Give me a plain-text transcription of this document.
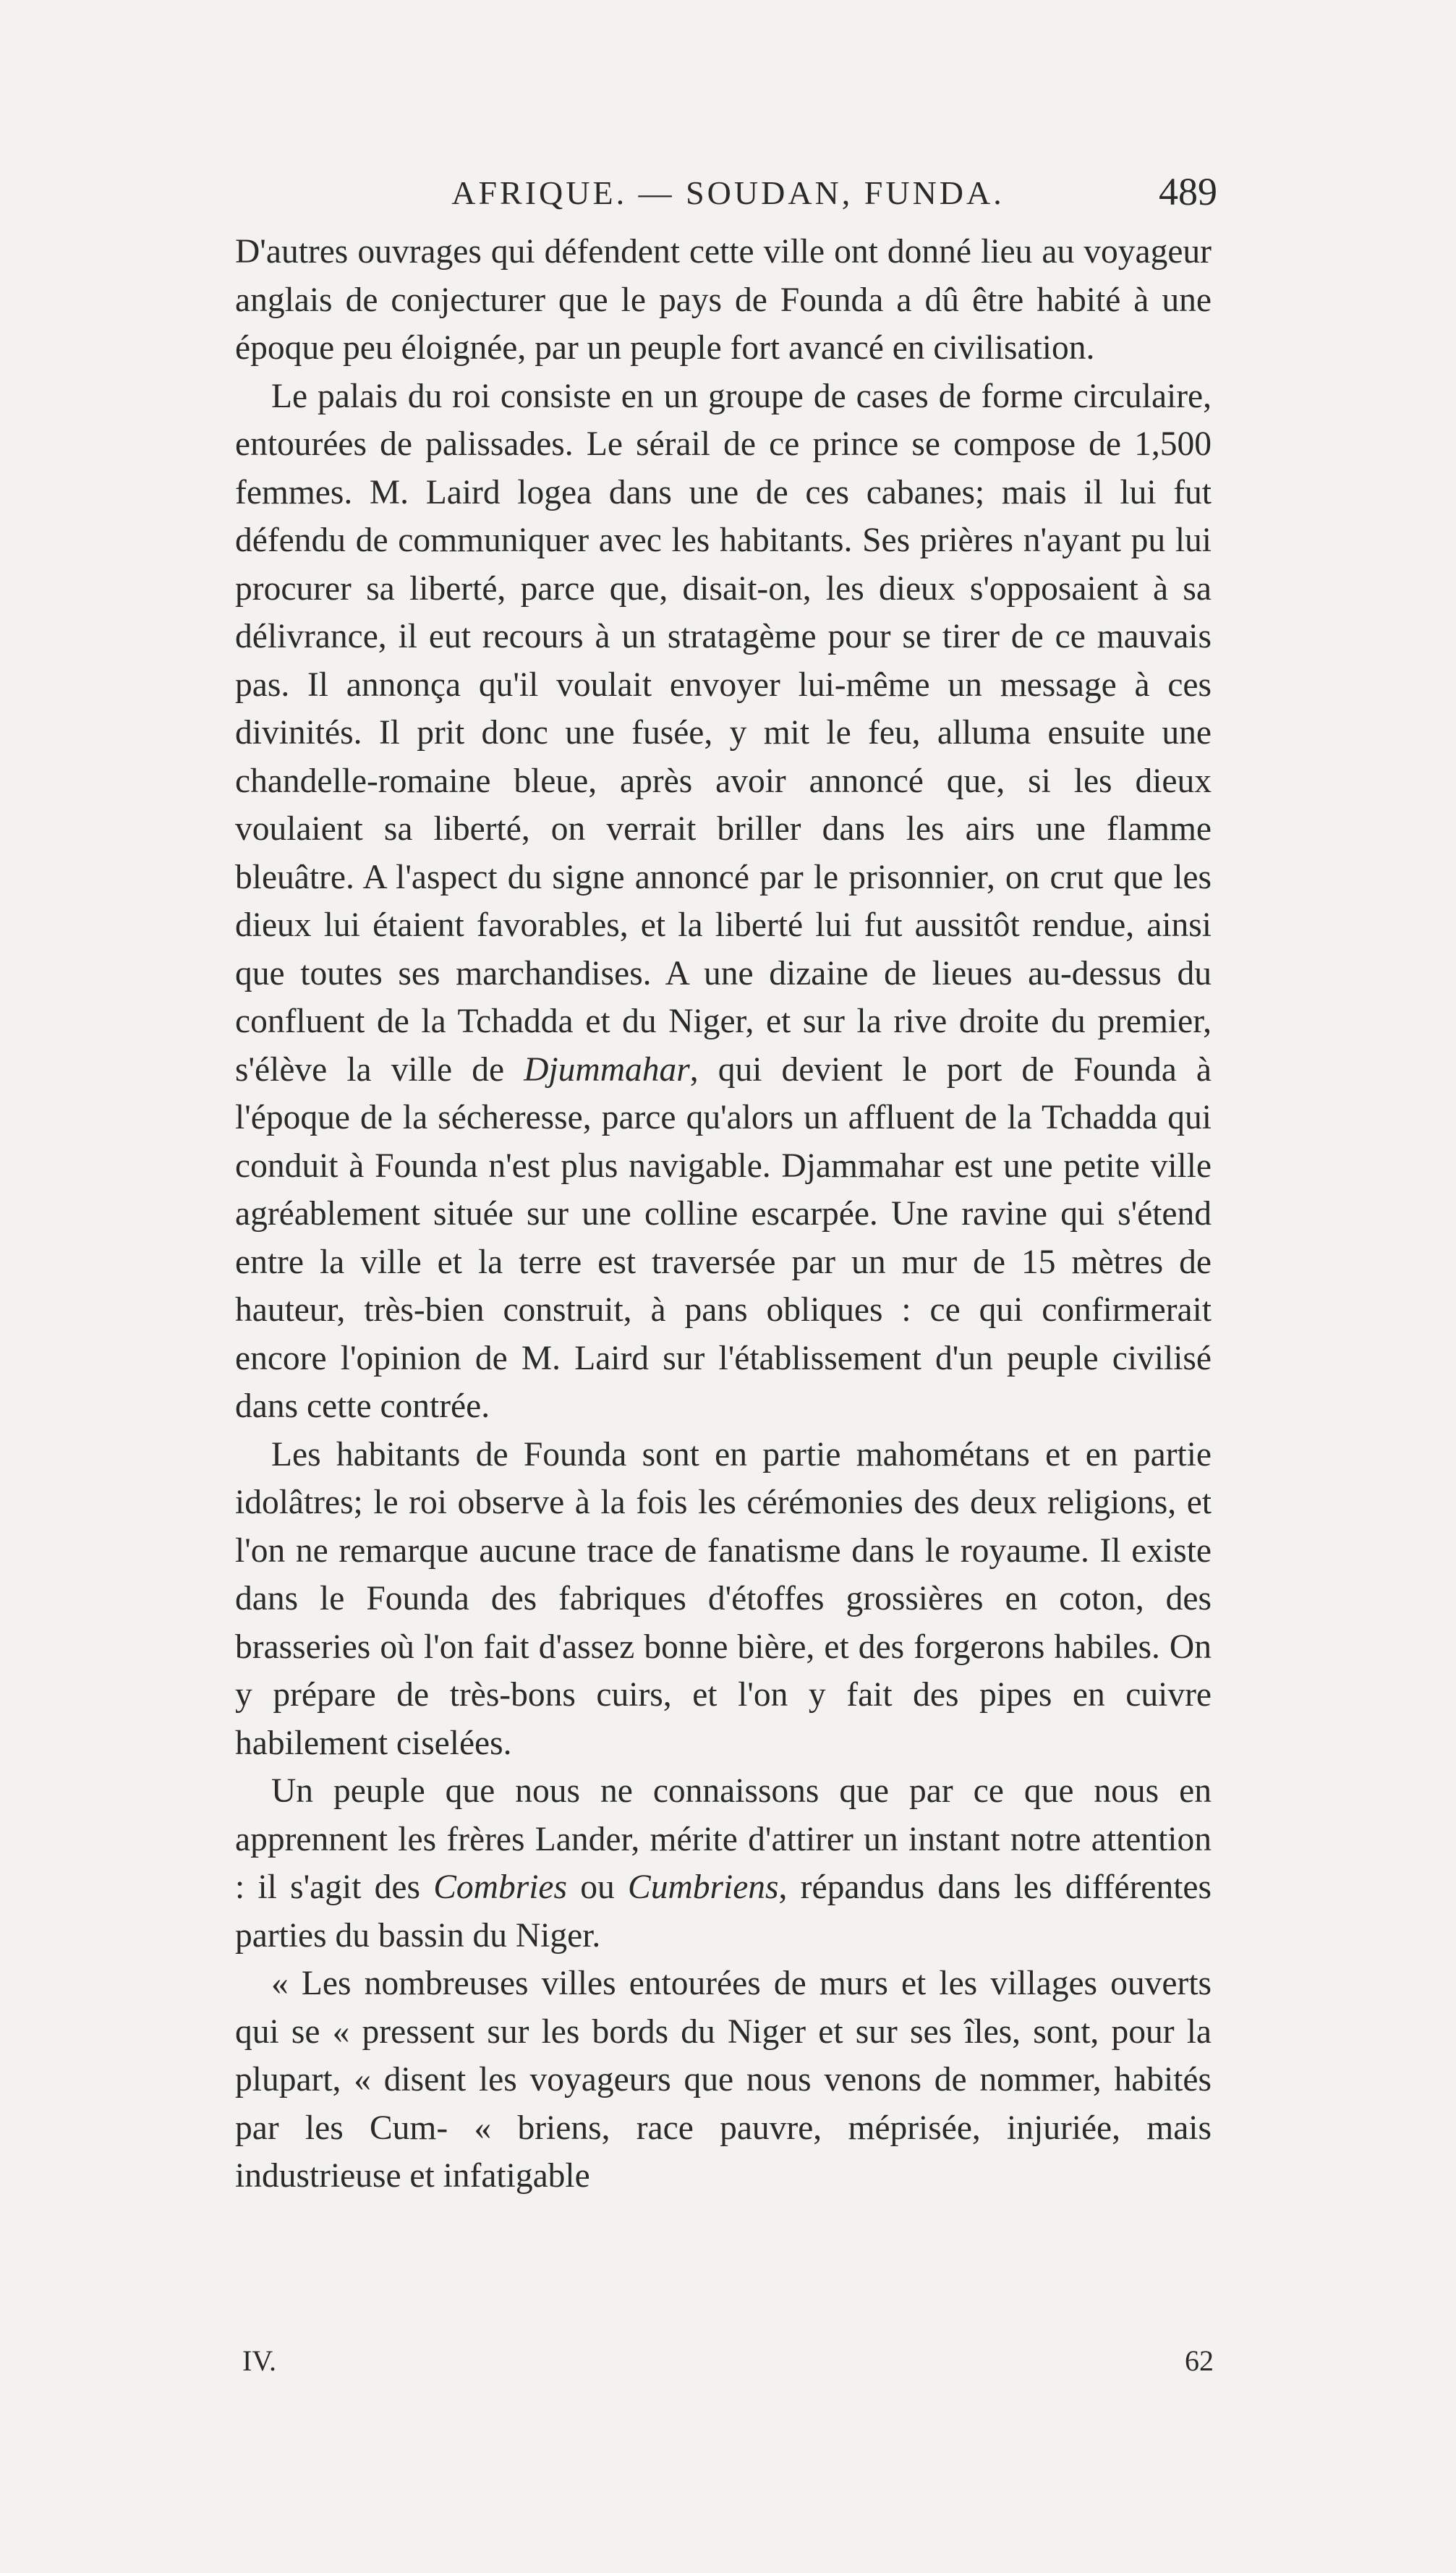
AFRIQUE. — SOUDAN, FUNDA.	489

D'autres ouvrages qui défendent cette ville ont donné lieu au voyageur anglais de conjecturer que le pays de Founda a dû être habité à une époque peu éloignée, par un peuple fort avancé en civilisation.

Le palais du roi consiste en un groupe de cases de forme circulaire, entourées de palissades. Le sérail de ce prince se compose de 1,500 femmes. M. Laird logea dans une de ces cabanes; mais il lui fut défendu de communiquer avec les habitants. Ses prières n'ayant pu lui procurer sa liberté, parce que, disait-on, les dieux s'opposaient à sa délivrance, il eut recours à un stratagème pour se tirer de ce mauvais pas. Il annonça qu'il voulait envoyer lui-même un message à ces divinités. Il prit donc une fusée, y mit le feu, alluma ensuite une chandelle-romaine bleue, après avoir annoncé que, si les dieux voulaient sa liberté, on verrait briller dans les airs une flamme bleuâtre. A l'aspect du signe annoncé par le prisonnier, on crut que les dieux lui étaient favorables, et la liberté lui fut aussitôt rendue, ainsi que toutes ses marchandises. A une dizaine de lieues au-dessus du confluent de la Tchadda et du Niger, et sur la rive droite du premier, s'élève la ville de Djummahar, qui devient le port de Founda à l'époque de la sécheresse, parce qu'alors un affluent de la Tchadda qui conduit à Founda n'est plus navigable. Djammahar est une petite ville agréablement située sur une colline escarpée. Une ravine qui s'étend entre la ville et la terre est traversée par un mur de 15 mètres de hauteur, très-bien construit, à pans obliques : ce qui confirmerait encore l'opinion de M. Laird sur l'établissement d'un peuple civilisé dans cette contrée.

Les habitants de Founda sont en partie mahométans et en partie idolâtres; le roi observe à la fois les cérémonies des deux religions, et l'on ne remarque aucune trace de fanatisme dans le royaume. Il existe dans le Founda des fabriques d'étoffes grossières en coton, des brasseries où l'on fait d'assez bonne bière, et des forgerons habiles. On y prépare de très-bons cuirs, et l'on y fait des pipes en cuivre habilement ciselées.

Un peuple que nous ne connaissons que par ce que nous en apprennent les frères Lander, mérite d'attirer un instant notre attention : il s'agit des Combries ou Cumbriens, répandus dans les différentes parties du bassin du Niger.

« Les nombreuses villes entourées de murs et les villages ouverts qui se « pressent sur les bords du Niger et sur ses îles, sont, pour la plupart, « disent les voyageurs que nous venons de nommer, habités par les Cum- « briens, race pauvre, méprisée, injuriée, mais industrieuse et infatigable

IV.	62
